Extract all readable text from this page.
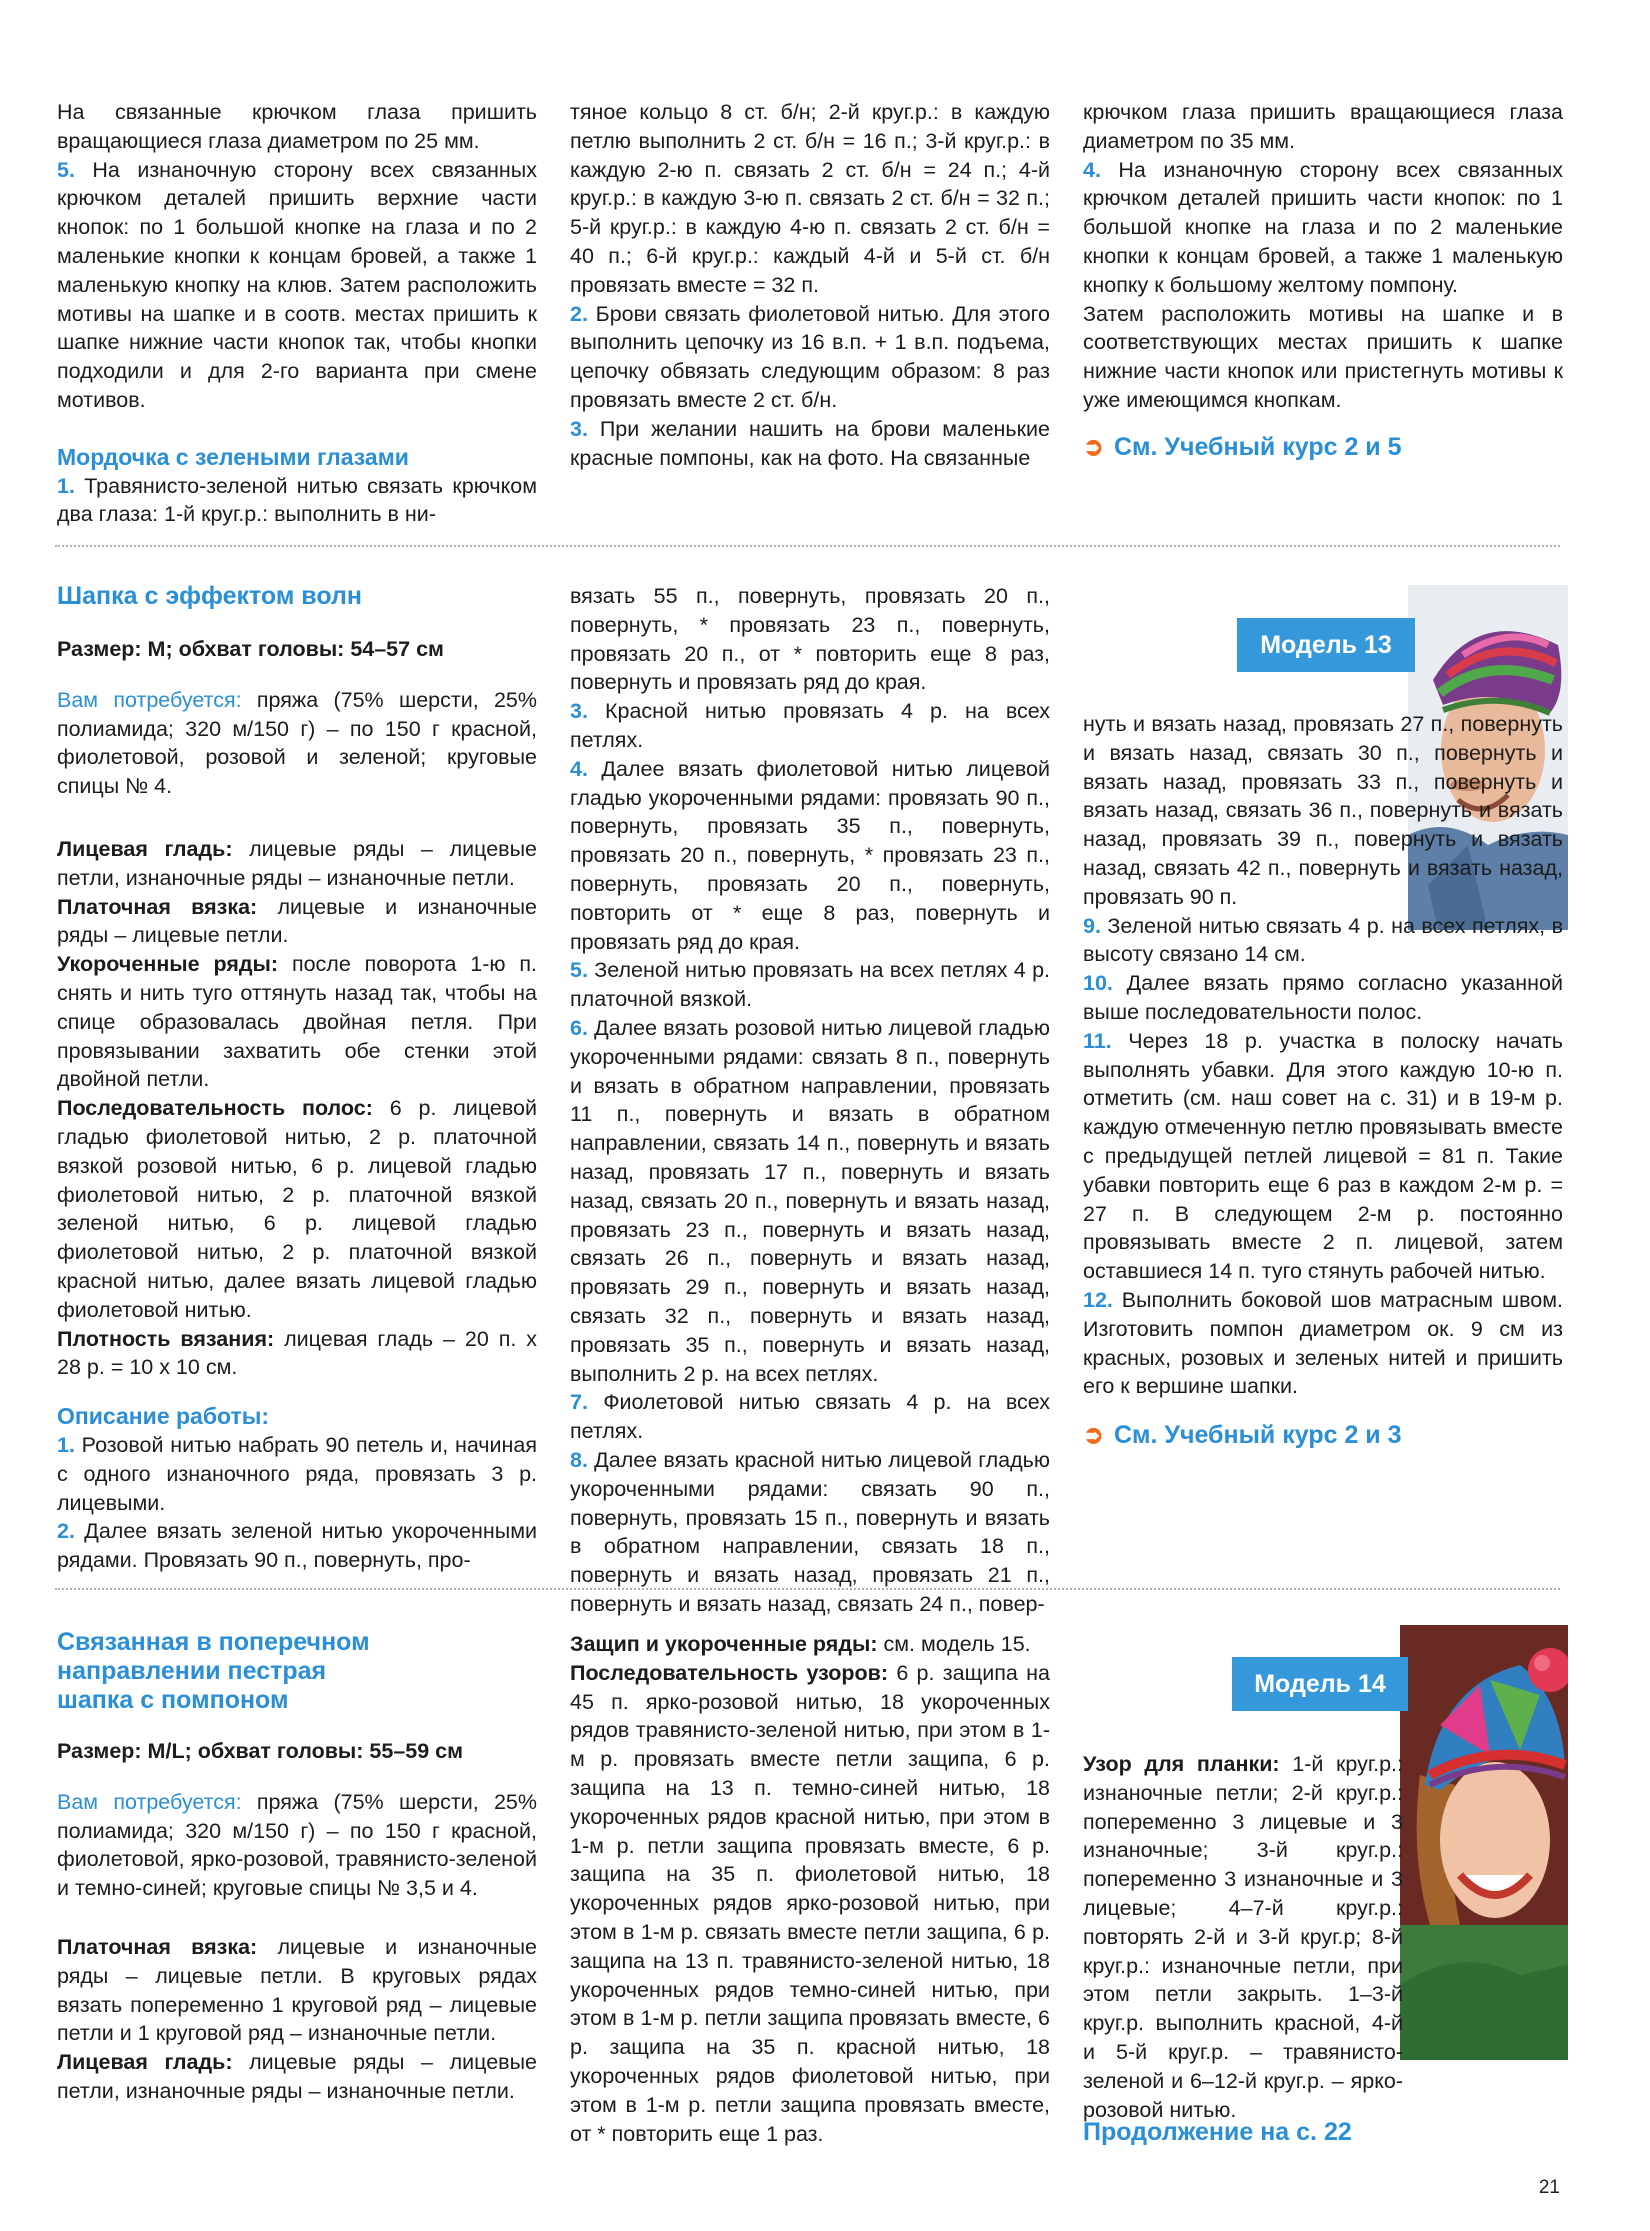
На связанные крючком глаза пришить вращающиеся глаза диаметром по 25 мм.

5. На изнаночную сторону всех связанных крючком деталей пришить верхние части кнопок: по 1 большой кнопке на глаза и по 2 маленькие кнопки к концам бровей, а также 1 маленькую кнопку на клюв. Затем расположить мотивы на шапке и в соотв. местах пришить к шапке нижние части кнопок так, чтобы кнопки подходили и для 2-го варианта при смене мотивов.

Мордочка с зелеными глазами

1. Травянисто-зеленой нитью связать крючком два глаза: 1-й круг.р.: выполнить в ни-

тяное кольцо 8 ст. б/н; 2-й круг.р.: в каждую петлю выполнить 2 ст. б/н = 16 п.; 3-й круг.р.: в каждую 2-ю п. связать 2 ст. б/н = 24 п.; 4-й круг.р.: в каждую 3-ю п. связать 2 ст. б/н = 32 п.; 5-й круг.р.: в каждую 4-ю п. связать 2 ст. б/н = 40 п.; 6-й круг.р.: каждый 4-й и 5-й ст. б/н провязать вместе = 32 п.

2. Брови связать фиолетовой нитью. Для этого выполнить цепочку из 16 в.п. + 1 в.п. подъема, цепочку обвязать следующим образом: 8 раз провязать вместе 2 ст. б/н.

3. При желании нашить на брови маленькие красные помпоны, как на фото. На связанные

крючком глаза пришить вращающиеся глаза диаметром по 35 мм.

4. На изнаночную сторону всех связанных крючком деталей пришить части кнопок: по 1 большой кнопке на глаза и по 2 маленькие кнопки к концам бровей, а также 1 маленькую кнопку к большому желтому помпону.

Затем расположить мотивы на шапке и в соответствующих местах пришить к шапке нижние части кнопок или пристегнуть мотивы к уже имеющимся кнопкам.

➲ См. Учебный курс 2 и 5

Шапка с эффектом волн

Размер: М; обхват головы: 54–57 см

Вам потребуется: пряжа (75% шерсти, 25% полиамида; 320 м/150 г) – по 150 г красной, фиолетовой, розовой и зеленой; круговые спицы № 4.

Лицевая гладь: лицевые ряды – лицевые петли, изнаночные ряды – изнаночные петли.

Платочная вязка: лицевые и изнаночные ряды – лицевые петли.

Укороченные ряды: после поворота 1-ю п. снять и нить туго оттянуть назад так, чтобы на спице образовалась двойная петля. При провязывании захватить обе стенки этой двойной петли.

Последовательность полос: 6 р. лицевой гладью фиолетовой нитью, 2 р. платочной вязкой розовой нитью, 6 р. лицевой гладью фиолетовой нитью, 2 р. платочной вязкой зеленой нитью, 6 р. лицевой гладью фиолетовой нитью, 2 р. платочной вязкой красной нитью, далее вязать лицевой гладью фиолетовой нитью.

Плотность вязания: лицевая гладь – 20 п. х 28 р. = 10 х 10 см.

Описание работы:

1. Розовой нитью набрать 90 петель и, начиная с одного изнаночного ряда, провязать 3 р. лицевыми.

2. Далее вязать зеленой нитью укороченными рядами. Провязать 90 п., повернуть, про-

вязать 55 п., повернуть, провязать 20 п., повернуть, * провязать 23 п., повернуть, провязать 20 п., от * повторить еще 8 раз, повернуть и провязать ряд до края.

3. Красной нитью провязать 4 р. на всех петлях.

4. Далее вязать фиолетовой нитью лицевой гладью укороченными рядами: провязать 90 п., повернуть, провязать 35 п., повернуть, провязать 20 п., повернуть, * провязать 23 п., повернуть, провязать 20 п., повернуть, повторить от * еще 8 раз, повернуть и провязать ряд до края.

5. Зеленой нитью провязать на всех петлях 4 р. платочной вязкой.

6. Далее вязать розовой нитью лицевой гладью укороченными рядами: связать 8 п., повернуть и вязать в обратном направлении, провязать 11 п., повернуть и вязать в обратном направлении, связать 14 п., повернуть и вязать назад, провязать 17 п., повернуть и вязать назад, связать 20 п., повернуть и вязать назад, провязать 23 п., повернуть и вязать назад, связать 26 п., повернуть и вязать назад, провязать 29 п., повернуть и вязать назад, связать 32 п., повернуть и вязать назад, провязать 35 п., повернуть и вязать назад, выполнить 2 р. на всех петлях.

7. Фиолетовой нитью связать 4 р. на всех петлях.

8. Далее вязать красной нитью лицевой гладью укороченными рядами: связать 90 п., повернуть, провязать 15 п., повернуть и вязать в обратном направлении, связать 18 п., повернуть и вязать назад, провязать 21 п., повернуть и вязать назад, связать 24 п., повер-

Модель 13

нуть и вязать назад, провязать 27 п., повернуть и вязать назад, связать 30 п., повернуть и вязать назад, провязать 33 п., повернуть и вязать назад, связать 36 п., повернуть и вязать назад, провязать 39 п., повернуть и вязать назад, связать 42 п., повернуть и вязать назад, провязать 90 п.

9. Зеленой нитью связать 4 р. на всех петлях, в высоту связано 14 см.

10. Далее вязать прямо согласно указанной выше последовательности полос.

11. Через 18 р. участка в полоску начать выполнять убавки. Для этого каждую 10-ю п. отметить (см. наш совет на с. 31) и в 19-м р. каждую отмеченную петлю провязывать вместе с предыдущей петлей лицевой = 81 п. Такие убавки повторить еще 6 раз в каждом 2-м р. = 27 п. В следующем 2-м р. постоянно провязывать вместе 2 п. лицевой, затем оставшиеся 14 п. туго стянуть рабочей нитью.

12. Выполнить боковой шов матрасным швом. Изготовить помпон диаметром ок. 9 см из красных, розовых и зеленых нитей и пришить его к вершине шапки.

➲ См. Учебный курс 2 и 3

Связанная в поперечном направлении пестрая шапка с помпоном

Размер: M/L; обхват головы: 55–59 см

Вам потребуется: пряжа (75% шерсти, 25% полиамида; 320 м/150 г) – по 150 г красной, фиолетовой, ярко-розовой, травянисто-зеленой и темно-синей; круговые спицы № 3,5 и 4.

Платочная вязка: лицевые и изнаночные ряды – лицевые петли. В круговых рядах вязать попеременно 1 круговой ряд – лицевые петли и 1 круговой ряд – изнаночные петли.

Лицевая гладь: лицевые ряды – лицевые петли, изнаночные ряды – изнаночные петли.

Защип и укороченные ряды: см. модель 15.

Последовательность узоров: 6 р. защипа на 45 п. ярко-розовой нитью, 18 укороченных рядов травянисто-зеленой нитью, при этом в 1-м р. провязать вместе петли защипа, 6 р. защипа на 13 п. темно-синей нитью, 18 укороченных рядов красной нитью, при этом в 1-м р. петли защипа провязать вместе, 6 р. защипа на 35 п. фиолетовой нитью, 18 укороченных рядов ярко-розовой нитью, при этом в 1-м р. связать вместе петли защипа, 6 р. защипа на 13 п. травянисто-зеленой нитью, 18 укороченных рядов темно-синей нитью, при этом в 1-м р. петли защипа провязать вместе, 6 р. защипа на 35 п. красной нитью, 18 укороченных рядов фиолетовой нитью, при этом в 1-м р. петли защипа провязать вместе, от * повторить еще 1 раз.

Модель 14

Узор для планки: 1-й круг.р.: изнаночные петли; 2-й круг.р.: попеременно 3 лицевые и 3 изнаночные; 3-й круг.р.: попеременно 3 изнаночные и 3 лицевые; 4–7-й круг.р.: повторять 2-й и 3-й круг.р; 8-й круг.р.: изнаночные петли, при этом петли закрыть. 1–3-й круг.р. выполнить красной, 4-й и 5-й круг.р. – травянисто-зеленой и 6–12-й круг.р. – ярко-розовой нитью.

Продолжение на с. 22

21
